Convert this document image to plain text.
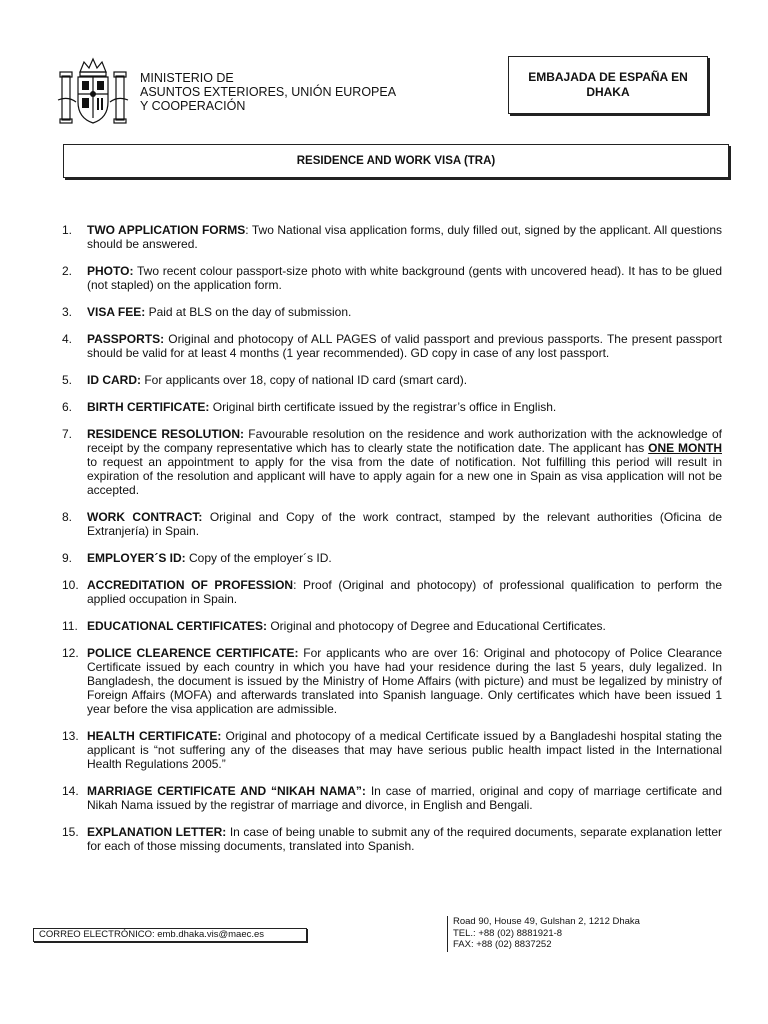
MINISTERIO DE
ASUNTOS EXTERIORES, UNIÓN EUROPEA
Y COOPERACIÓN
EMBAJADA DE ESPAÑA EN
DHAKA
RESIDENCE AND WORK VISA (TRA)
1. TWO APPLICATION FORMS: Two National visa application forms, duly filled out, signed by the applicant. All questions should be answered.
2. PHOTO: Two recent colour passport-size photo with white background (gents with uncovered head). It has to be glued (not stapled) on the application form.
3. VISA FEE: Paid at BLS on the day of submission.
4. PASSPORTS: Original and photocopy of ALL PAGES of valid passport and previous passports. The present passport should be valid for at least 4 months (1 year recommended). GD copy in case of any lost passport.
5. ID CARD: For applicants over 18, copy of national ID card (smart card).
6. BIRTH CERTIFICATE: Original birth certificate issued by the registrar’s office in English.
7. RESIDENCE RESOLUTION: Favourable resolution on the residence and work authorization with the acknowledge of receipt by the company representative which has to clearly state the notification date. The applicant has ONE MONTH to request an appointment to apply for the visa from the date of notification. Not fulfilling this period will result in expiration of the resolution and applicant will have to apply again for a new one in Spain as visa application will not be accepted.
8. WORK CONTRACT: Original and Copy of the work contract, stamped by the relevant authorities (Oficina de Extranjería) in Spain.
9. EMPLOYER´S ID: Copy of the employer´s ID.
10. ACCREDITATION OF PROFESSION: Proof (Original and photocopy) of professional qualification to perform the applied occupation in Spain.
11. EDUCATIONAL CERTIFICATES: Original and photocopy of Degree and Educational Certificates.
12. POLICE CLEARENCE CERTIFICATE: For applicants who are over 16: Original and photocopy of Police Clearance Certificate issued by each country in which you have had your residence during the last 5 years, duly legalized. In Bangladesh, the document is issued by the Ministry of Home Affairs (with picture) and must be legalized by ministry of Foreign Affairs (MOFA) and afterwards translated into Spanish language. Only certificates which have been issued 1 year before the visa application are admissible.
13. HEALTH CERTIFICATE: Original and photocopy of a medical Certificate issued by a Bangladeshi hospital stating the applicant is “not suffering any of the diseases that may have serious public health impact listed in the International Health Regulations 2005.”
14. MARRIAGE CERTIFICATE AND “NIKAH NAMA”: In case of married, original and copy of marriage certificate and Nikah Nama issued by the registrar of marriage and divorce, in English and Bengali.
15. EXPLANATION LETTER: In case of being unable to submit any of the required documents, separate explanation letter for each of those missing documents, translated into Spanish.
CORREO ELECTRÓNICO: emb.dhaka.vis@maec.es
Road 90, House 49, Gulshan 2, 1212 Dhaka
TEL.: +88 (02) 8881921-8
FAX: +88 (02) 8837252
